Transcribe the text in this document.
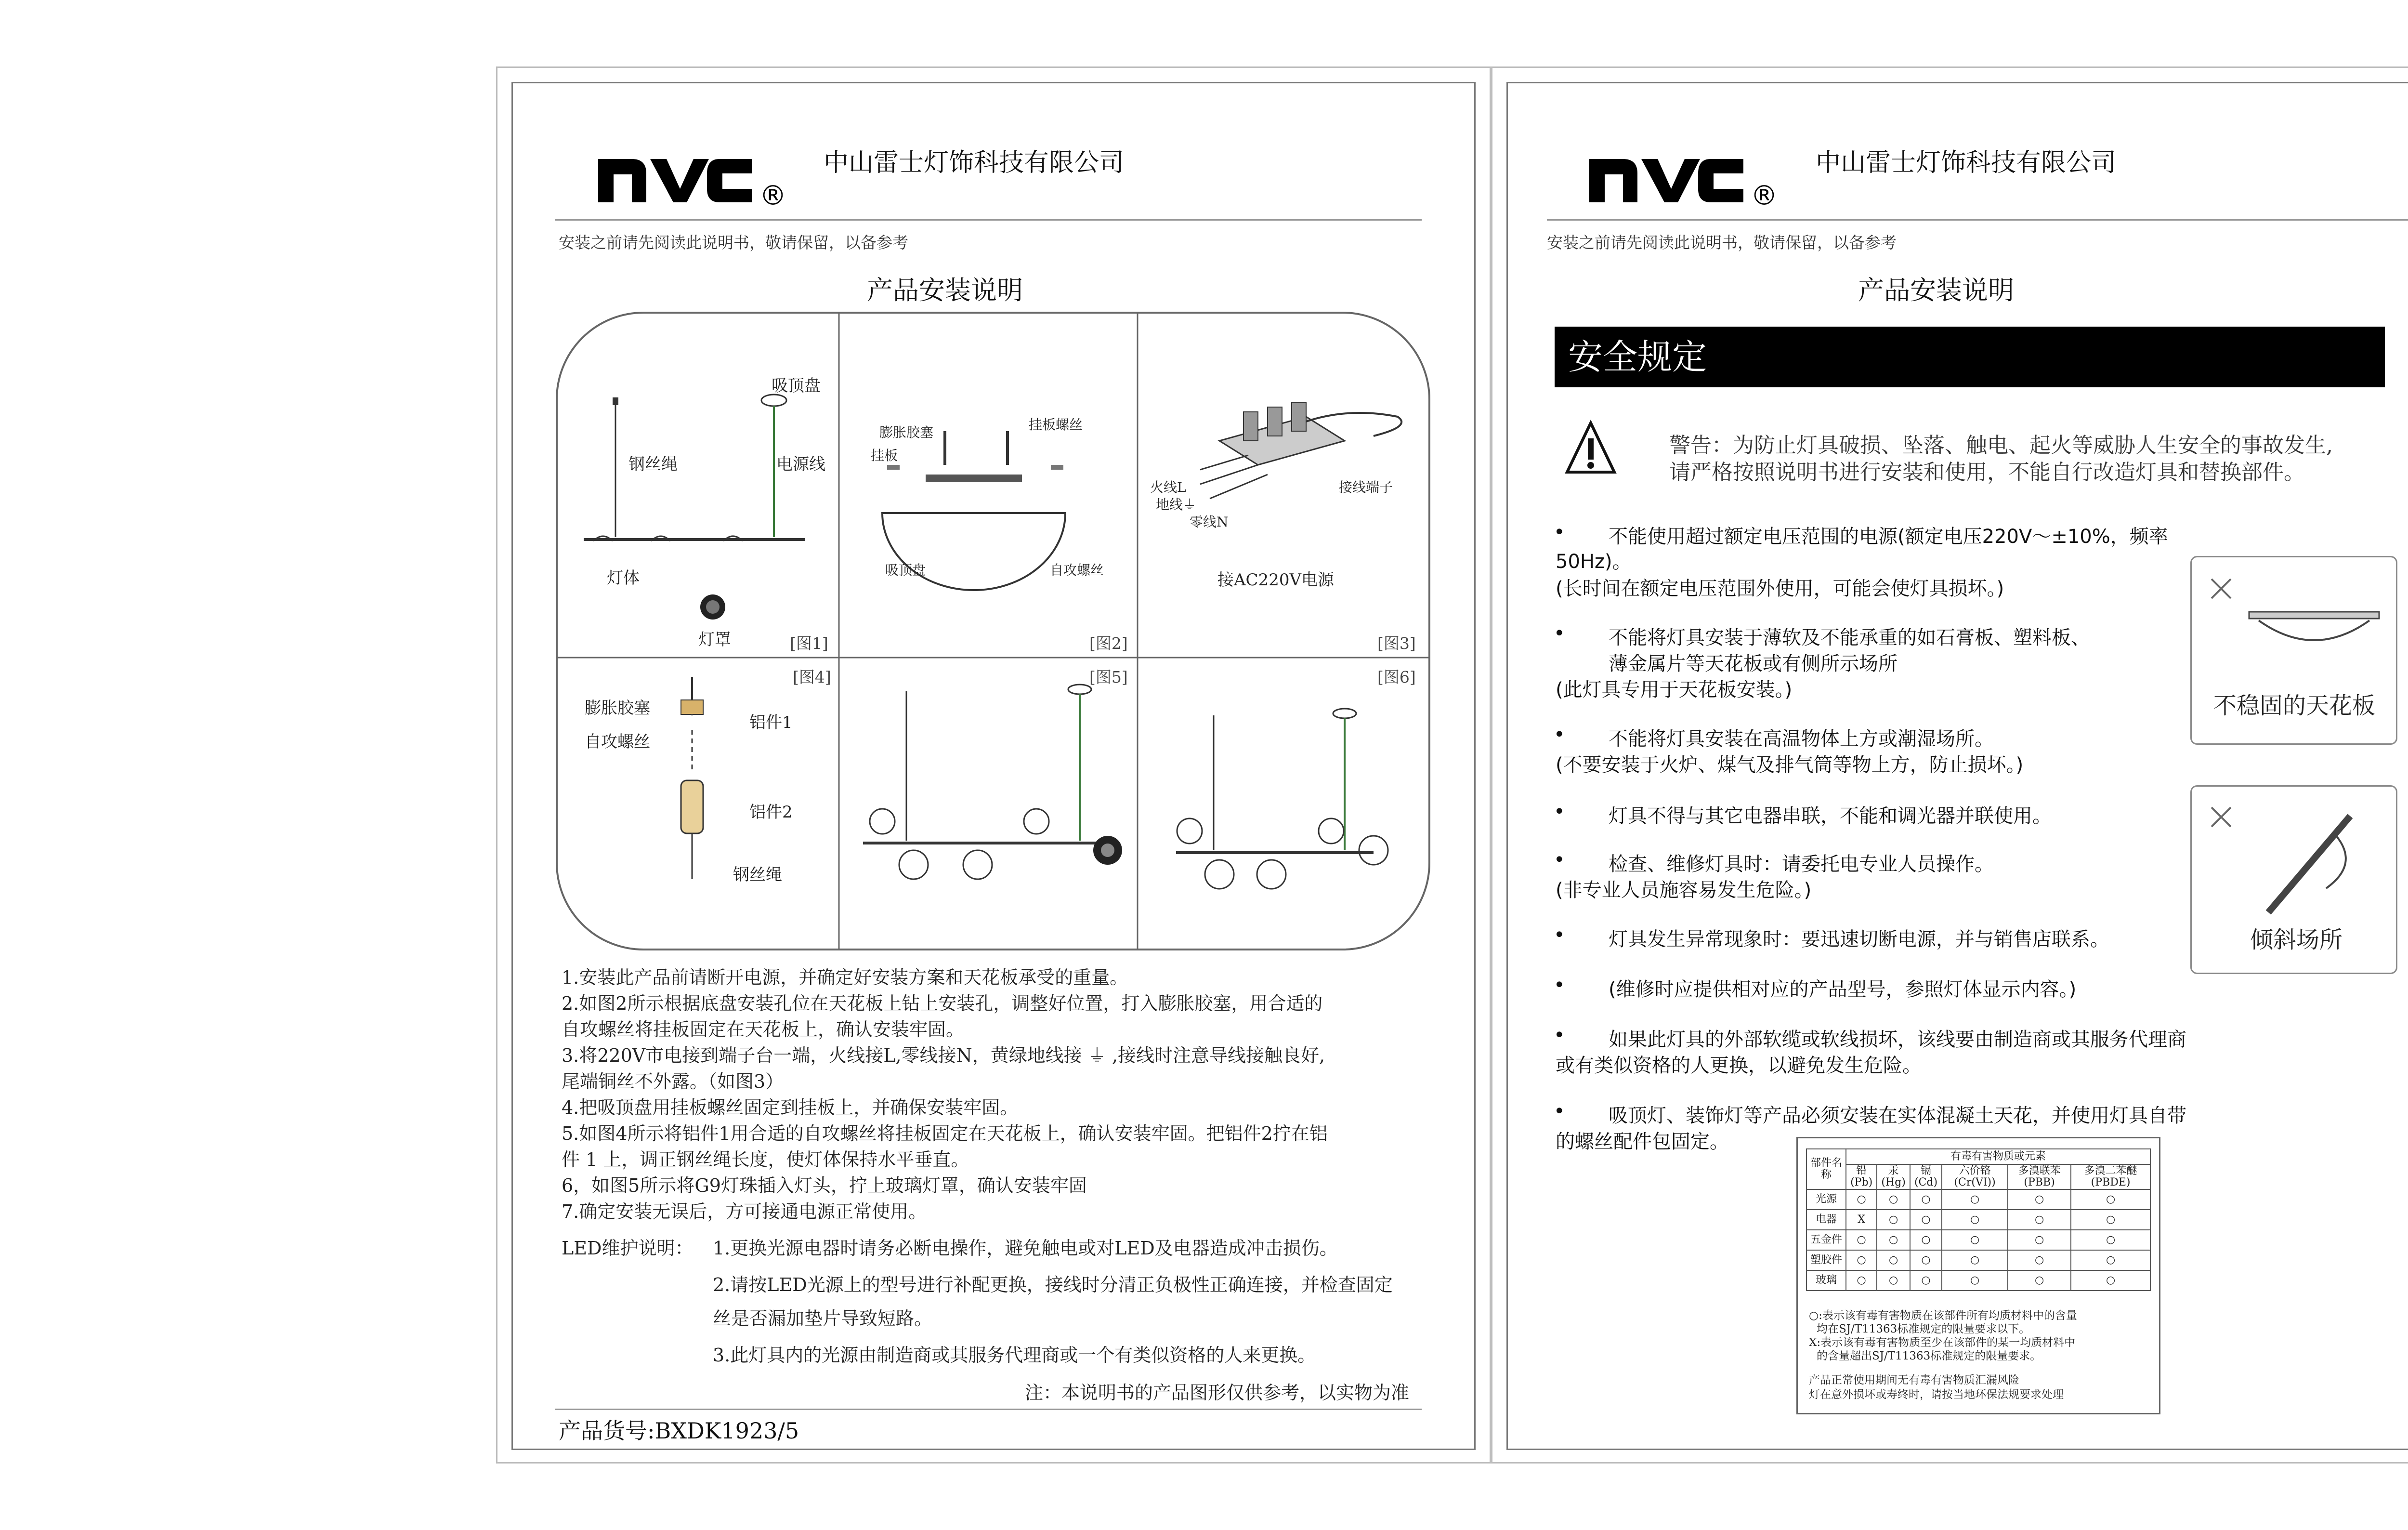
®
中山雷士灯饰科技有限公司
安装之前请先阅读此说明书，敬请保留，以备参考
产品安装说明
吸顶盘
钢丝绳	电源线
灯体
灯罩	[图1]
膨胀胶塞
挂板
挂板螺丝
吸顶盘	自攻螺丝
[图2]
火线L
地线⏚
零线N
接线端子
接AC220V电源
[图3]
[图4]
膨胀胶塞
自攻螺丝
铝件1
铝件2
钢丝绳
[图5]	[图6]
1.安装此产品前请断开电源，并确定好安装方案和天花板承受的重量。
2.如图2所示根据底盘安装孔位在天花板上钻上安装孔，调整好位置，打入膨胀胶塞，用合适的
自攻螺丝将挂板固定在天花板上，确认安装牢固。
3.将220V市电接到端子台一端，火线接L,零线接N，黄绿地线接 ⏚ ,接线时注意导线接触良好,
尾端铜丝不外露。（如图3）
4.把吸顶盘用挂板螺丝固定到挂板上，并确保安装牢固。
5.如图4所示将铝件1用合适的自攻螺丝将挂板固定在天花板上，确认安装牢固。把铝件2拧在铝
件 1 上，调正钢丝绳长度，使灯体保持水平垂直。
6，如图5所示将G9灯珠插入灯头，拧上玻璃灯罩，确认安装牢固
7.确定安装无误后，方可接通电源正常使用。
LED维护说明： 1.更换光源电器时请务必断电操作，避免触电或对LED及电器造成冲击损伤。
2.请按LED光源上的型号进行补配更换，接线时分清正负极性正确连接，并检查固定
丝是否漏加垫片导致短路。
3.此灯具内的光源由制造商或其服务代理商或一个有类似资格的人来更换。
注：本说明书的产品图形仅供参考，以实物为准
产品货号:BXDK1923/5
®
中山雷士灯饰科技有限公司
安装之前请先阅读此说明书，敬请保留，以备参考
产品安装说明
安全规定
警告：为防止灯具破损、坠落、触电、起火等威胁人生安全的事故发生,
请严格按照说明书进行安装和使用，不能自行改造灯具和替换部件。
• 不能使用超过额定电压范围的电源(额定电压220V～±10%，频率
50Hz)。
(长时间在额定电压范围外使用，可能会使灯具损坏。)
• 不能将灯具安装于薄软及不能承重的如石膏板、塑料板、
薄金属片等天花板或有侧所示场所
(此灯具专用于天花板安装。)
• 不能将灯具安装在高温物体上方或潮湿场所。
(不要安装于火炉、煤气及排气筒等物上方，防止损坏。)
• 灯具不得与其它电器串联，不能和调光器并联使用。
• 检查、维修灯具时：请委托电专业人员操作。
(非专业人员施容易发生危险。)
• 灯具发生异常现象时：要迅速切断电源，并与销售店联系。
• (维修时应提供相对应的产品型号，参照灯体显示内容。)
• 如果此灯具的外部软缆或软线损坏，该线要由制造商或其服务代理商
或有类似资格的人更换，以避免发生危险。
• 吸顶灯、装饰灯等产品必须安装在实体混凝土天花，并使用灯具自带
的螺丝配件包固定。
不稳固的天花板
倾斜场所
部件名称	有毒有害物质或元素					
	铅(Pb)	汞(Hg)	镉(Cd)	六价铬(Cr(VI))	多溴联苯(PBB)	多溴二苯醚(PBDE)
光源	○	○	○	○	○	○
电器	X	○	○	○	○	○
五金件	○	○	○	○	○	○
塑胶件	○	○	○	○	○	○
玻璃	○	○	○	○	○	○
○:表示该有毒有害物质在该部件所有均质材料中的含量
均在SJ/T11363标准规定的限量要求以下。
X:表示该有毒有害物质至少在该部件的某一均质材料中
的含量超出SJ/T11363标准规定的限量要求。
产品正常使用期间无有毒有害物质汇漏风险
灯在意外损坏或寿终时，请按当地环保法规要求处理
